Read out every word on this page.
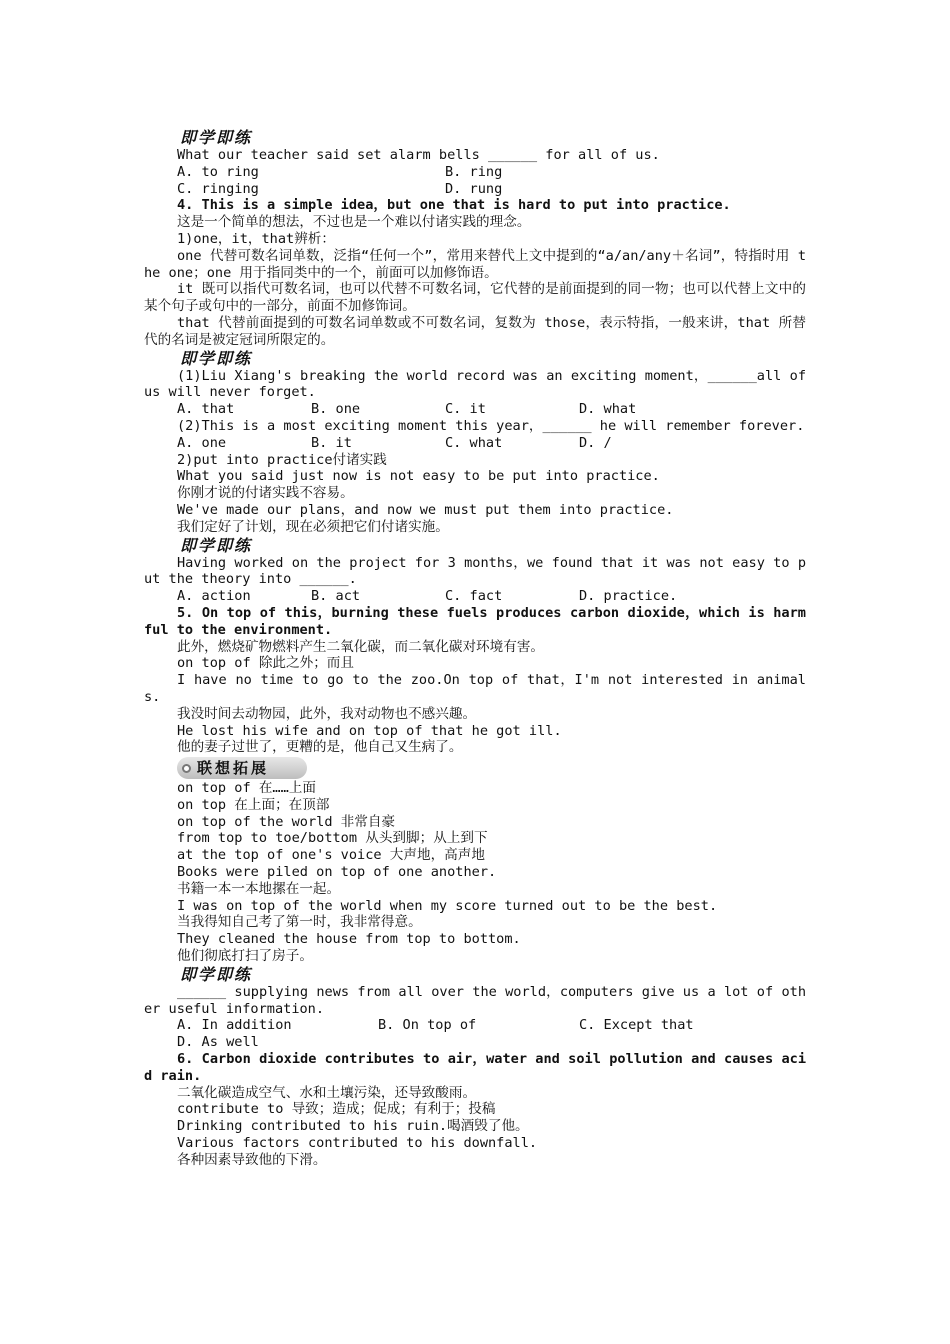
即学即练

What our teacher said set alarm bells ______ for all of us.

A. to ring	B. ring
C. ringing	D. rung

4. This is a simple idea，but one that is hard to put into practice.

这是一个简单的想法，不过也是一个难以付诸实践的理念。

1)one，it，that辨析：

one 代替可数名词单数，泛指“任何一个”，常用来替代上文中提到的“a/an/any＋名词”，特指时用 the one；one 用于指同类中的一个，前面可以加修饰语。

it 既可以指代可数名词，也可以代替不可数名词，它代替的是前面提到的同一物；也可以代替上文中的某个句子或句中的一部分，前面不加修饰词。

that 代替前面提到的可数名词单数或不可数名词，复数为 those，表示特指，一般来讲，that 所替代的名词是被定冠词所限定的。

即学即练

(1)Liu Xiang's breaking the world record was an exciting moment，______all of us will never forget.

A. that	B. one	C. it	D. what

(2)This is a most exciting moment this year，______ he will remember forever.

A. one	B. it	C. what	D. /

2)put into practice付诸实践

What you said just now is not easy to be put into practice.

你刚才说的付诸实践不容易。

We've made our plans，and now we must put them into practice.

我们定好了计划，现在必须把它们付诸实施。

即学即练

Having worked on the project for 3 months，we found that it was not easy to put the theory into ______.

A. action	B. act	C. fact	D. practice.

5. On top of this，burning these fuels produces carbon dioxide，which is harmful to the environment.

此外，燃烧矿物燃料产生二氧化碳，而二氧化碳对环境有害。

on top of 除此之外；而且

I have no time to go to the zoo.On top of that，I'm not interested in animals.

我没时间去动物园，此外，我对动物也不感兴趣。

He lost his wife and on top of that he got ill.

他的妻子过世了，更糟的是，他自己又生病了。

联想拓展

on top of 在……上面

on top 在上面；在顶部

on top of the world 非常自豪

from top to toe/bottom 从头到脚；从上到下

at the top of one's voice 大声地，高声地

Books were piled on top of one another.

书籍一本一本地摞在一起。

I was on top of the world when my score turned out to be the best.

当我得知自己考了第一时，我非常得意。

They cleaned the house from top to bottom.

他们彻底打扫了房子。

即学即练

______ supplying news from all over the world，computers give us a lot of other useful information.

A. In addition	B. On top of	C. Except that
D. As well

6. Carbon dioxide contributes to air，water and soil pollution and causes acid rain.

二氧化碳造成空气、水和土壤污染，还导致酸雨。

contribute to 导致；造成；促成；有利于；投稿

Drinking contributed to his ruin.喝酒毁了他。

Various factors contributed to his downfall.

各种因素导致他的下滑。
